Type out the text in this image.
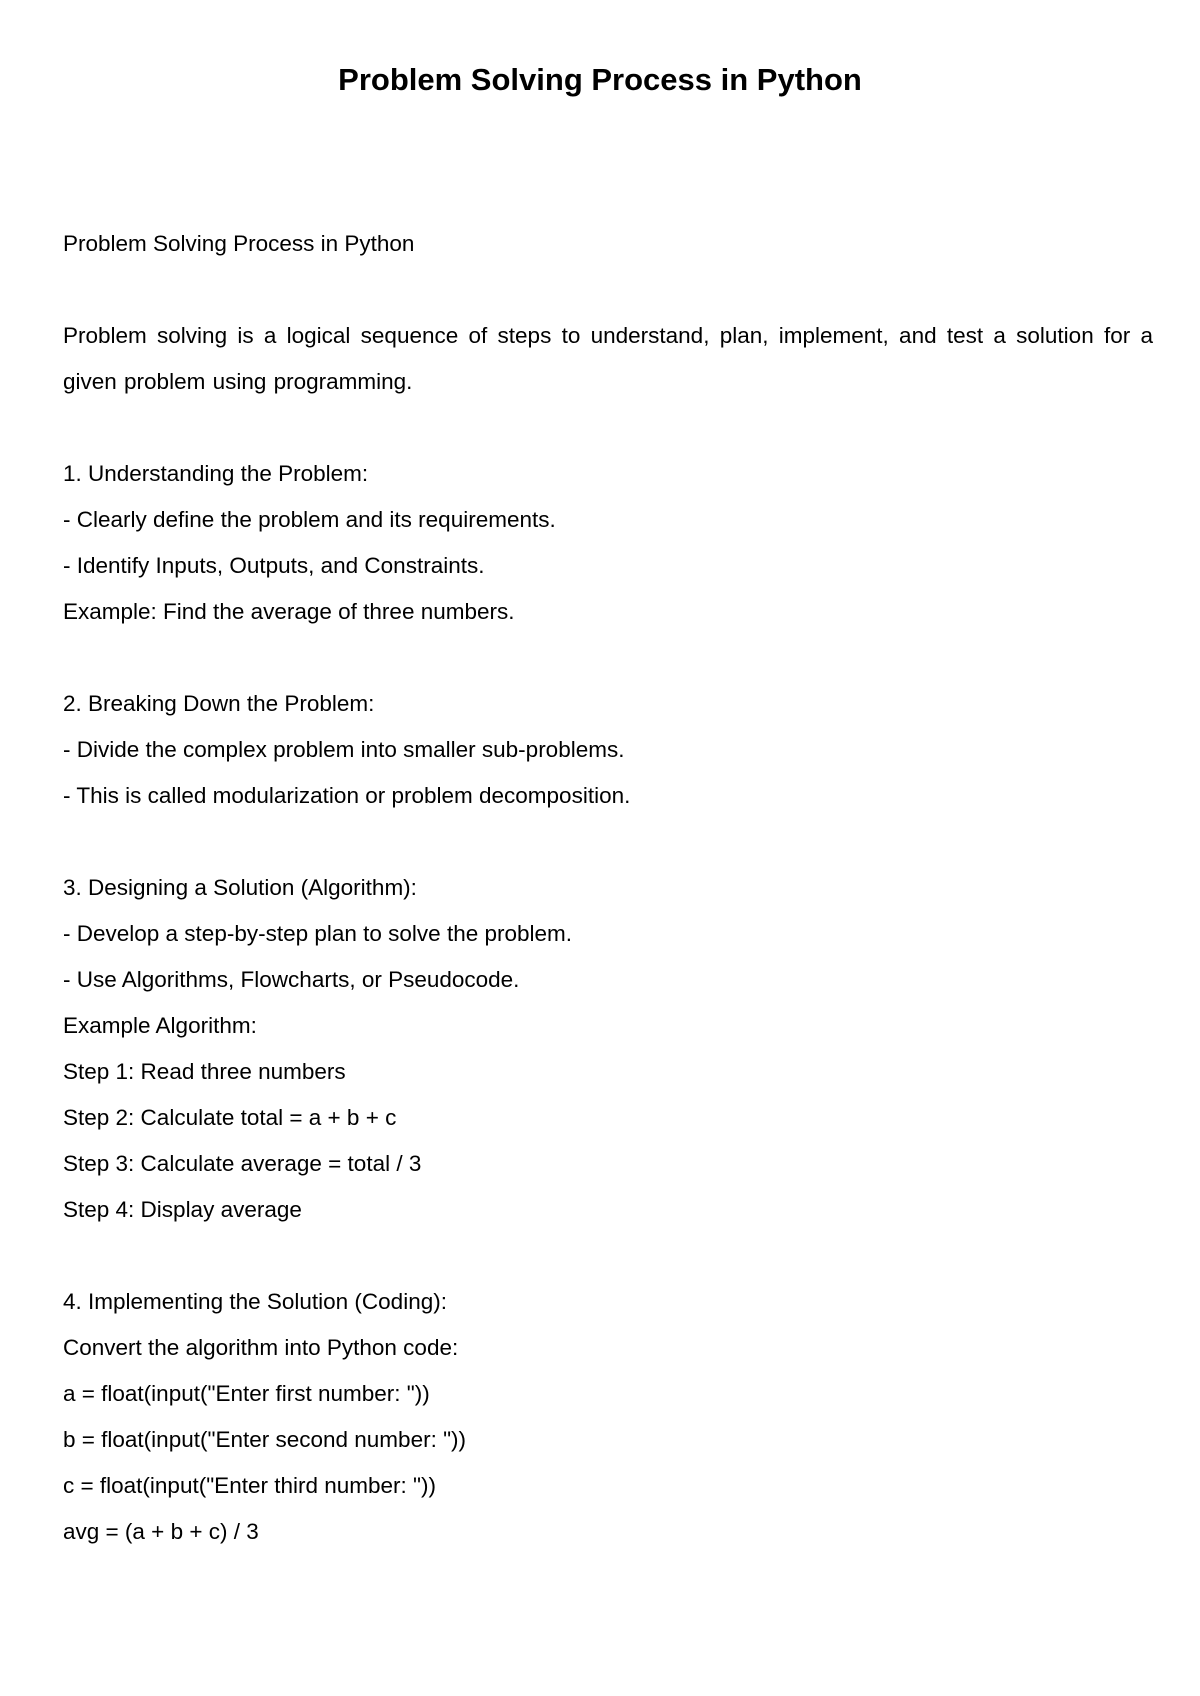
Problem Solving Process in Python
Problem Solving Process in Python
Problem solving is a logical sequence of steps to understand, plan, implement, and test a solution for a given problem using programming.
1. Understanding the Problem:
- Clearly define the problem and its requirements.
- Identify Inputs, Outputs, and Constraints.
Example: Find the average of three numbers.
2. Breaking Down the Problem:
- Divide the complex problem into smaller sub-problems.
- This is called modularization or problem decomposition.
3. Designing a Solution (Algorithm):
- Develop a step-by-step plan to solve the problem.
- Use Algorithms, Flowcharts, or Pseudocode.
Example Algorithm:
Step 1: Read three numbers
Step 2: Calculate total = a + b + c
Step 3: Calculate average = total / 3
Step 4: Display average
4. Implementing the Solution (Coding):
Convert the algorithm into Python code:
a = float(input("Enter first number: "))
b = float(input("Enter second number: "))
c = float(input("Enter third number: "))
avg = (a + b + c) / 3
